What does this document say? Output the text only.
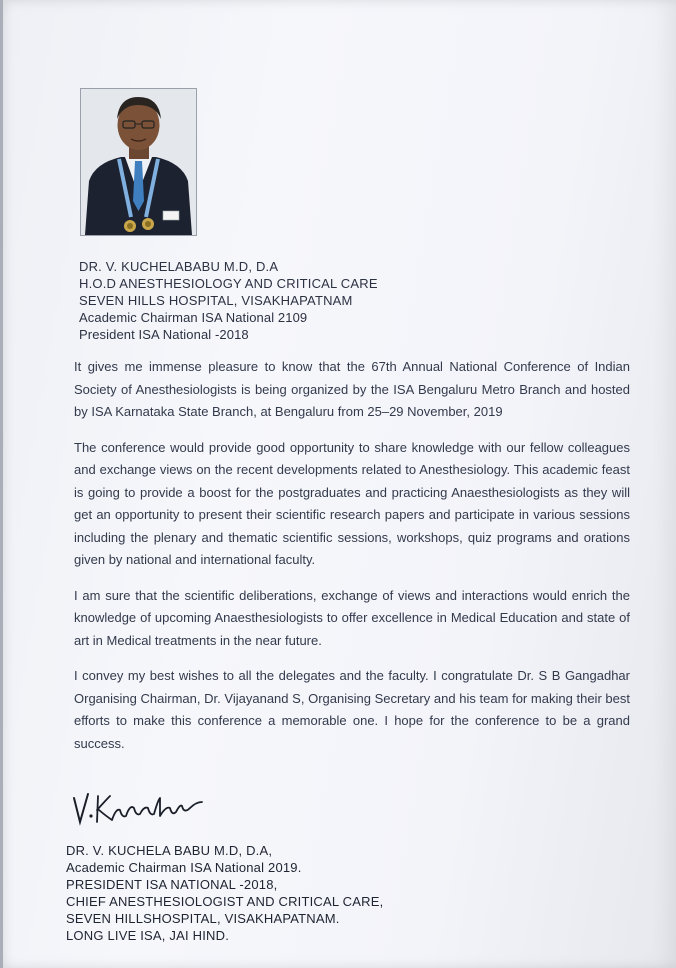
DR. V. KUCHELABABU M.D, D.A
H.O.D ANESTHESIOLOGY AND CRITICAL CARE
SEVEN HILLS HOSPITAL, VISAKHAPATNAM
Academic Chairman ISA National 2109
President ISA National -2018

It gives me immense pleasure to know that the 67th Annual National Conference of Indian Society of Anesthesiologists is being organized by the ISA Bengaluru Metro Branch and hosted by ISA Karnataka State Branch, at Bengaluru from 25–29 November, 2019

The conference would provide good opportunity to share knowledge with our fellow colleagues and exchange views on the recent developments related to Anesthesiology. This academic feast is going to provide a boost for the postgraduates and practicing Anaesthesiologists as they will get an opportunity to present their scientific research papers and participate in various sessions including the plenary and thematic scientific sessions, workshops, quiz programs and orations given by national and international faculty.

I am sure that the scientific deliberations, exchange of views and interactions would enrich the knowledge of upcoming Anaesthesiologists to offer excellence in Medical Education and state of art in Medical treatments in the near future.

I convey my best wishes to all the delegates and the faculty. I congratulate Dr. S B Gangadhar Organising Chairman, Dr. Vijayanand S, Organising Secretary and his team for making their best efforts to make this conference a memorable one. I hope for the conference to be a grand success.

DR. V. KUCHELA BABU M.D, D.A,
Academic Chairman ISA National 2019.
PRESIDENT ISA NATIONAL -2018,
CHIEF ANESTHESIOLOGIST AND CRITICAL CARE,
SEVEN HILLSHOSPITAL, VISAKHAPATNAM.
LONG LIVE ISA, JAI HIND.
